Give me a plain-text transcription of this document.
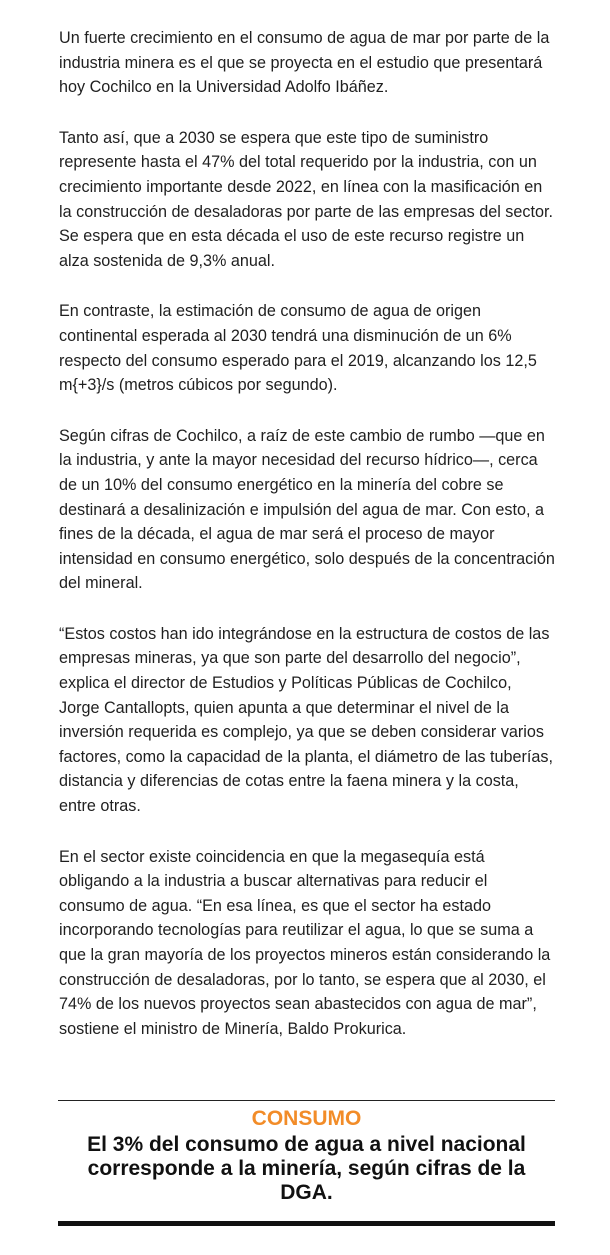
Un fuerte crecimiento en el consumo de agua de mar por parte de la industria minera es el que se proyecta en el estudio que presentará hoy Cochilco en la Universidad Adolfo Ibáñez.

Tanto así, que a 2030 se espera que este tipo de suministro represente hasta el 47% del total requerido por la industria, con un crecimiento importante desde 2022, en línea con la masificación en la construcción de desaladoras por parte de las empresas del sector. Se espera que en esta década el uso de este recurso registre un alza sostenida de 9,3% anual.

En contraste, la estimación de consumo de agua de origen continental esperada al 2030 tendrá una disminución de un 6% respecto del consumo esperado para el 2019, alcanzando los 12,5 m{+3}/s (metros cúbicos por segundo).

Según cifras de Cochilco, a raíz de este cambio de rumbo —que en la industria, y ante la mayor necesidad del recurso hídrico—, cerca de un 10% del consumo energético en la minería del cobre se destinará a desalinización e impulsión del agua de mar. Con esto, a fines de la década, el agua de mar será el proceso de mayor intensidad en consumo energético, solo después de la concentración del mineral.

“Estos costos han ido integrándose en la estructura de costos de las empresas mineras, ya que son parte del desarrollo del negocio”, explica el director de Estudios y Políticas Públicas de Cochilco, Jorge Cantallopts, quien apunta a que determinar el nivel de la inversión requerida es complejo, ya que se deben considerar varios factores, como la capacidad de la planta, el diámetro de las tuberías, distancia y diferencias de cotas entre la faena minera y la costa, entre otras.

En el sector existe coincidencia en que la megasequía está obligando a la industria a buscar alternativas para reducir el consumo de agua. “En esa línea, es que el sector ha estado incorporando tecnologías para reutilizar el agua, lo que se suma a que la gran mayoría de los proyectos mineros están considerando la construcción de desaladoras, por lo tanto, se espera que al 2030, el 74% de los nuevos proyectos sean abastecidos con agua de mar”, sostiene el ministro de Minería, Baldo Prokurica.

CONSUMO
El 3% del consumo de agua a nivel nacional corresponde a la minería, según cifras de la DGA.
